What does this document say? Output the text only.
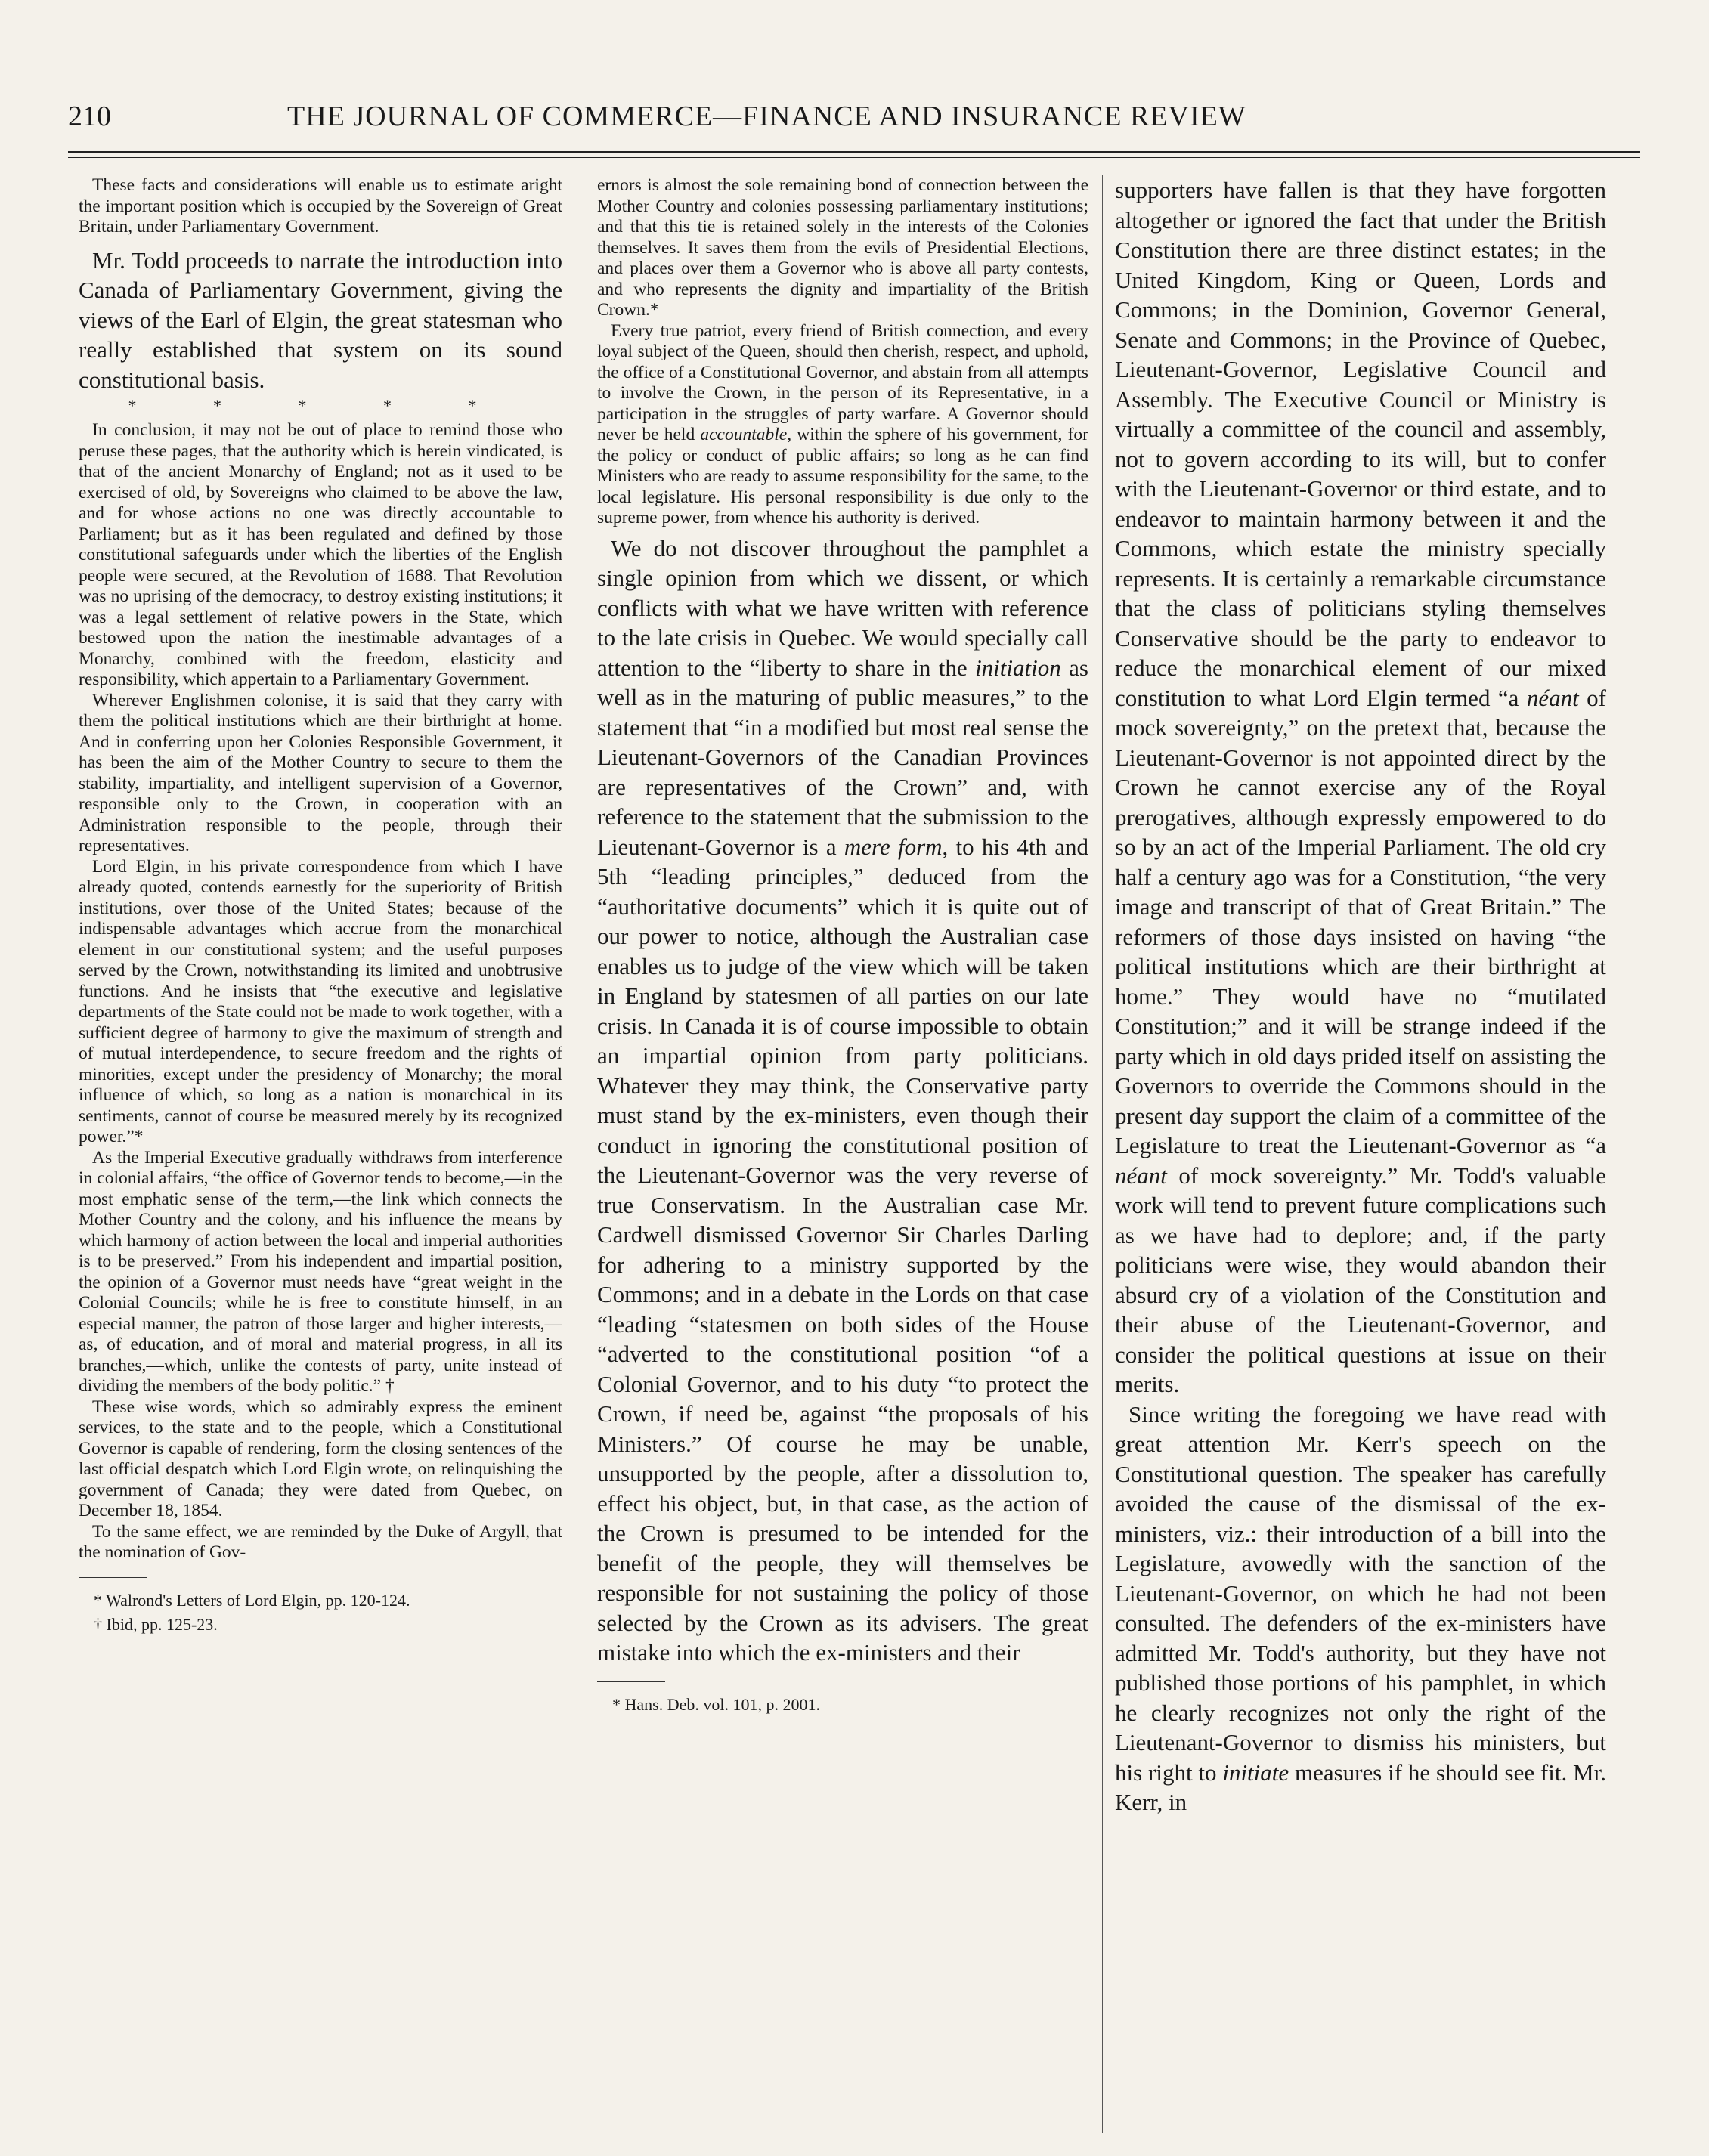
210	THE JOURNAL OF COMMERCE—FINANCE AND INSURANCE REVIEW

These facts and considerations will enable us to estimate aright the important position which is occupied by the Sovereign of Great Britain, under Parliamentary Government.

Mr. Todd proceeds to narrate the introduction into Canada of Parliamentary Government, giving the views of the Earl of Elgin, the great statesman who really established that system on its sound constitutional basis.

* * * * *

In conclusion, it may not be out of place to remind those who peruse these pages, that the authority which is herein vindicated, is that of the ancient Monarchy of England; not as it used to be exercised of old, by Sovereigns who claimed to be above the law, and for whose actions no one was directly accountable to Parliament; but as it has been regulated and defined by those constitutional safeguards under which the liberties of the English people were secured, at the Revolution of 1688. That Revolution was no uprising of the democracy, to destroy existing institutions; it was a legal settlement of relative powers in the State, which bestowed upon the nation the inestimable advantages of a Monarchy, combined with the freedom, elasticity and responsibility, which appertain to a Parliamentary Government.

Wherever Englishmen colonise, it is said that they carry with them the political institutions which are their birthright at home. And in conferring upon her Colonies Responsible Government, it has been the aim of the Mother Country to secure to them the stability, impartiality, and intelligent supervision of a Governor, responsible only to the Crown, in cooperation with an Administration responsible to the people, through their representatives.

Lord Elgin, in his private correspondence from which I have already quoted, contends earnestly for the superiority of British institutions, over those of the United States; because of the indispensable advantages which accrue from the monarchical element in our constitutional system; and the useful purposes served by the Crown, notwithstanding its limited and unobtrusive functions. And he insists that “the executive and legislative departments of the State could not be made to work together, with a sufficient degree of harmony to give the maximum of strength and of mutual interdependence, to secure freedom and the rights of minorities, except under the presidency of Monarchy; the moral influence of which, so long as a nation is monarchical in its sentiments, cannot of course be measured merely by its recognized power.”*

As the Imperial Executive gradually withdraws from interference in colonial affairs, “the office of Governor tends to become,—in the most emphatic sense of the term,—the link which connects the Mother Country and the colony, and his influence the means by which harmony of action between the local and imperial authorities is to be preserved.” From his independent and impartial position, the opinion of a Governor must needs have “great weight in the Colonial Councils; while he is free to constitute himself, in an especial manner, the patron of those larger and higher interests,—as, of education, and of moral and material progress, in all its branches,—which, unlike the contests of party, unite instead of dividing the members of the body politic.” †

These wise words, which so admirably express the eminent services, to the state and to the people, which a Constitutional Governor is capable of rendering, form the closing sentences of the last official despatch which Lord Elgin wrote, on relinquishing the government of Canada; they were dated from Quebec, on December 18, 1854.

To the same effect, we are reminded by the Duke of Argyll, that the nomination of Gov-

* Walrond's Letters of Lord Elgin, pp. 120-124.

† Ibid, pp. 125-23.

ernors is almost the sole remaining bond of connection between the Mother Country and colonies possessing parliamentary institutions; and that this tie is retained solely in the interests of the Colonies themselves. It saves them from the evils of Presidential Elections, and places over them a Governor who is above all party contests, and who represents the dignity and impartiality of the British Crown.*

Every true patriot, every friend of British connection, and every loyal subject of the Queen, should then cherish, respect, and uphold, the office of a Constitutional Governor, and abstain from all attempts to involve the Crown, in the person of its Representative, in a participation in the struggles of party warfare. A Governor should never be held accountable, within the sphere of his government, for the policy or conduct of public affairs; so long as he can find Ministers who are ready to assume responsibility for the same, to the local legislature. His personal responsibility is due only to the supreme power, from whence his authority is derived.

We do not discover throughout the pamphlet a single opinion from which we dissent, or which conflicts with what we have written with reference to the late crisis in Quebec. We would specially call attention to the “liberty to share in the initiation as well as in the maturing of public measures,” to the statement that “in a modified but most real sense the Lieutenant-Governors of the Canadian Provinces are representatives of the Crown” and, with reference to the statement that the submission to the Lieutenant-Governor is a mere form, to his 4th and 5th “leading principles,” deduced from the “authoritative documents” which it is quite out of our power to notice, although the Australian case enables us to judge of the view which will be taken in England by statesmen of all parties on our late crisis. In Canada it is of course impossible to obtain an impartial opinion from party politicians. Whatever they may think, the Conservative party must stand by the ex-ministers, even though their conduct in ignoring the constitutional position of the Lieutenant-Governor was the very reverse of true Conservatism. In the Australian case Mr. Cardwell dismissed Governor Sir Charles Darling for adhering to a ministry supported by the Commons; and in a debate in the Lords on that case “leading “statesmen on both sides of the House “adverted to the constitutional position “of a Colonial Governor, and to his duty “to protect the Crown, if need be, against “the proposals of his Ministers.” Of course he may be unable, unsupported by the people, after a dissolution to, effect his object, but, in that case, as the action of the Crown is presumed to be intended for the benefit of the people, they will themselves be responsible for not sustaining the policy of those selected by the Crown as its advisers. The great mistake into which the ex-ministers and their

* Hans. Deb. vol. 101, p. 2001.

supporters have fallen is that they have forgotten altogether or ignored the fact that under the British Constitution there are three distinct estates; in the United Kingdom, King or Queen, Lords and Commons; in the Dominion, Governor General, Senate and Commons; in the Province of Quebec, Lieutenant-Governor, Legislative Council and Assembly. The Executive Council or Ministry is virtually a committee of the council and assembly, not to govern according to its will, but to confer with the Lieutenant-Governor or third estate, and to endeavor to maintain harmony between it and the Commons, which estate the ministry specially represents. It is certainly a remarkable circumstance that the class of politicians styling themselves Conservative should be the party to endeavor to reduce the monarchical element of our mixed constitution to what Lord Elgin termed “a néant of mock sovereignty,” on the pretext that, because the Lieutenant-Governor is not appointed direct by the Crown he cannot exercise any of the Royal prerogatives, although expressly empowered to do so by an act of the Imperial Parliament. The old cry half a century ago was for a Constitution, “the very image and transcript of that of Great Britain.” The reformers of those days insisted on having “the political institutions which are their birthright at home.” They would have no “mutilated Constitution;” and it will be strange indeed if the party which in old days prided itself on assisting the Governors to override the Commons should in the present day support the claim of a committee of the Legislature to treat the Lieutenant-Governor as “a néant of mock sovereignty.” Mr. Todd's valuable work will tend to prevent future complications such as we have had to deplore; and, if the party politicians were wise, they would abandon their absurd cry of a violation of the Constitution and their abuse of the Lieutenant-Governor, and consider the political questions at issue on their merits.

Since writing the foregoing we have read with great attention Mr. Kerr's speech on the Constitutional question. The speaker has carefully avoided the cause of the dismissal of the ex-ministers, viz.: their introduction of a bill into the Legislature, avowedly with the sanction of the Lieutenant-Governor, on which he had not been consulted. The defenders of the ex-ministers have admitted Mr. Todd's authority, but they have not published those portions of his pamphlet, in which he clearly recognizes not only the right of the Lieutenant-Governor to dismiss his ministers, but his right to initiate measures if he should see fit. Mr. Kerr, in
